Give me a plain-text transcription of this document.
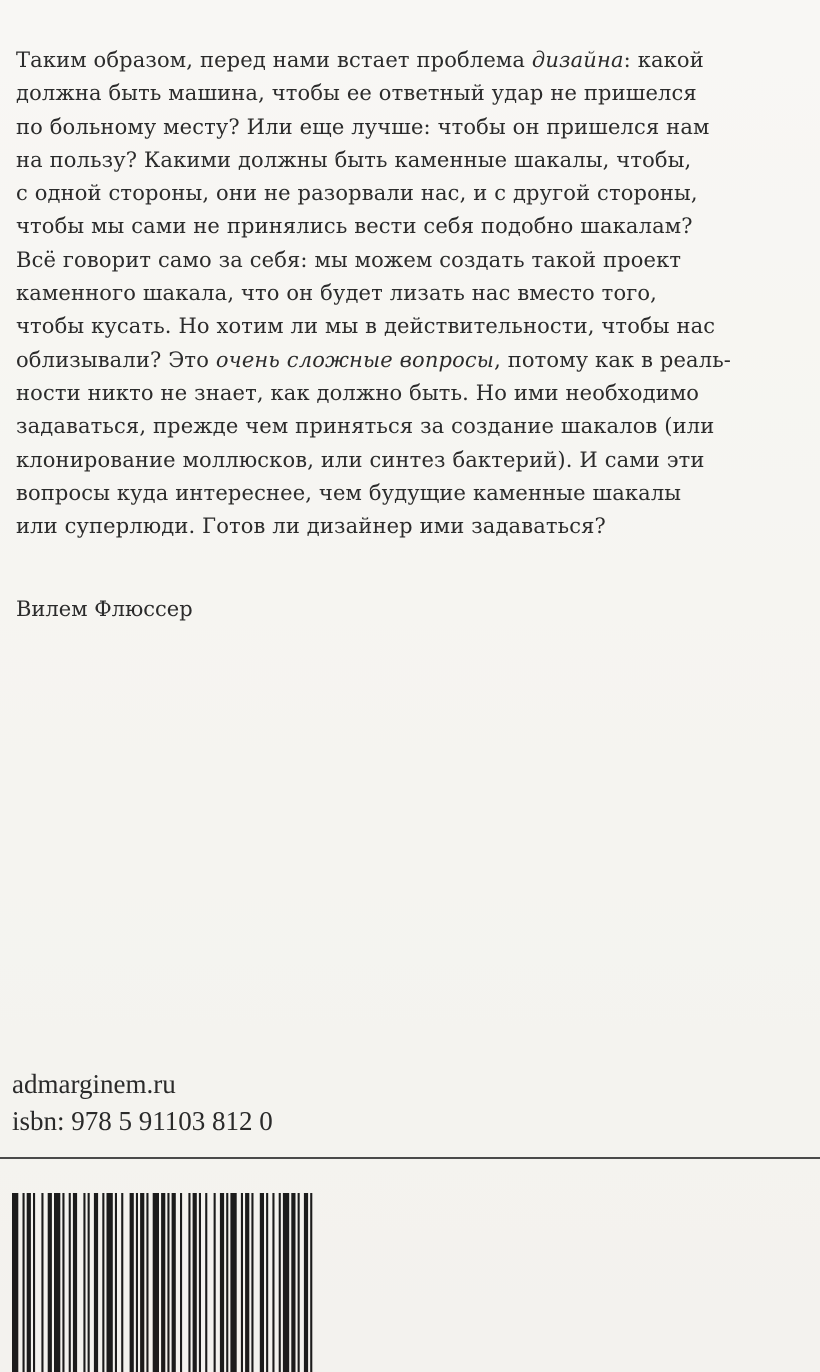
Таким образом, перед нами встает проблема дизайна: какой
должна быть машина, чтобы ее ответный удар не пришелся
по больному месту? Или еще лучше: чтобы он пришелся нам
на пользу? Какими должны быть каменные шакалы, чтобы,
с одной стороны, они не разорвали нас, и с другой стороны,
чтобы мы сами не принялись вести себя подобно шакалам?
Всё говорит само за себя: мы можем создать такой проект
каменного шакала, что он будет лизать нас вместо того,
чтобы кусать. Но хотим ли мы в действительности, чтобы нас
облизывали? Это очень сложные вопросы, потому как в реаль-
ности никто не знает, как должно быть. Но ими необходимо
задаваться, прежде чем приняться за создание шакалов (или
клонирование моллюсков, или синтез бактерий). И сами эти
вопросы куда интереснее, чем будущие каменные шакалы
или суперлюди. Готов ли дизайнер ими задаваться?
Вилем Флюссер
admarginem.ru
isbn: 978 5 91103 812 0
